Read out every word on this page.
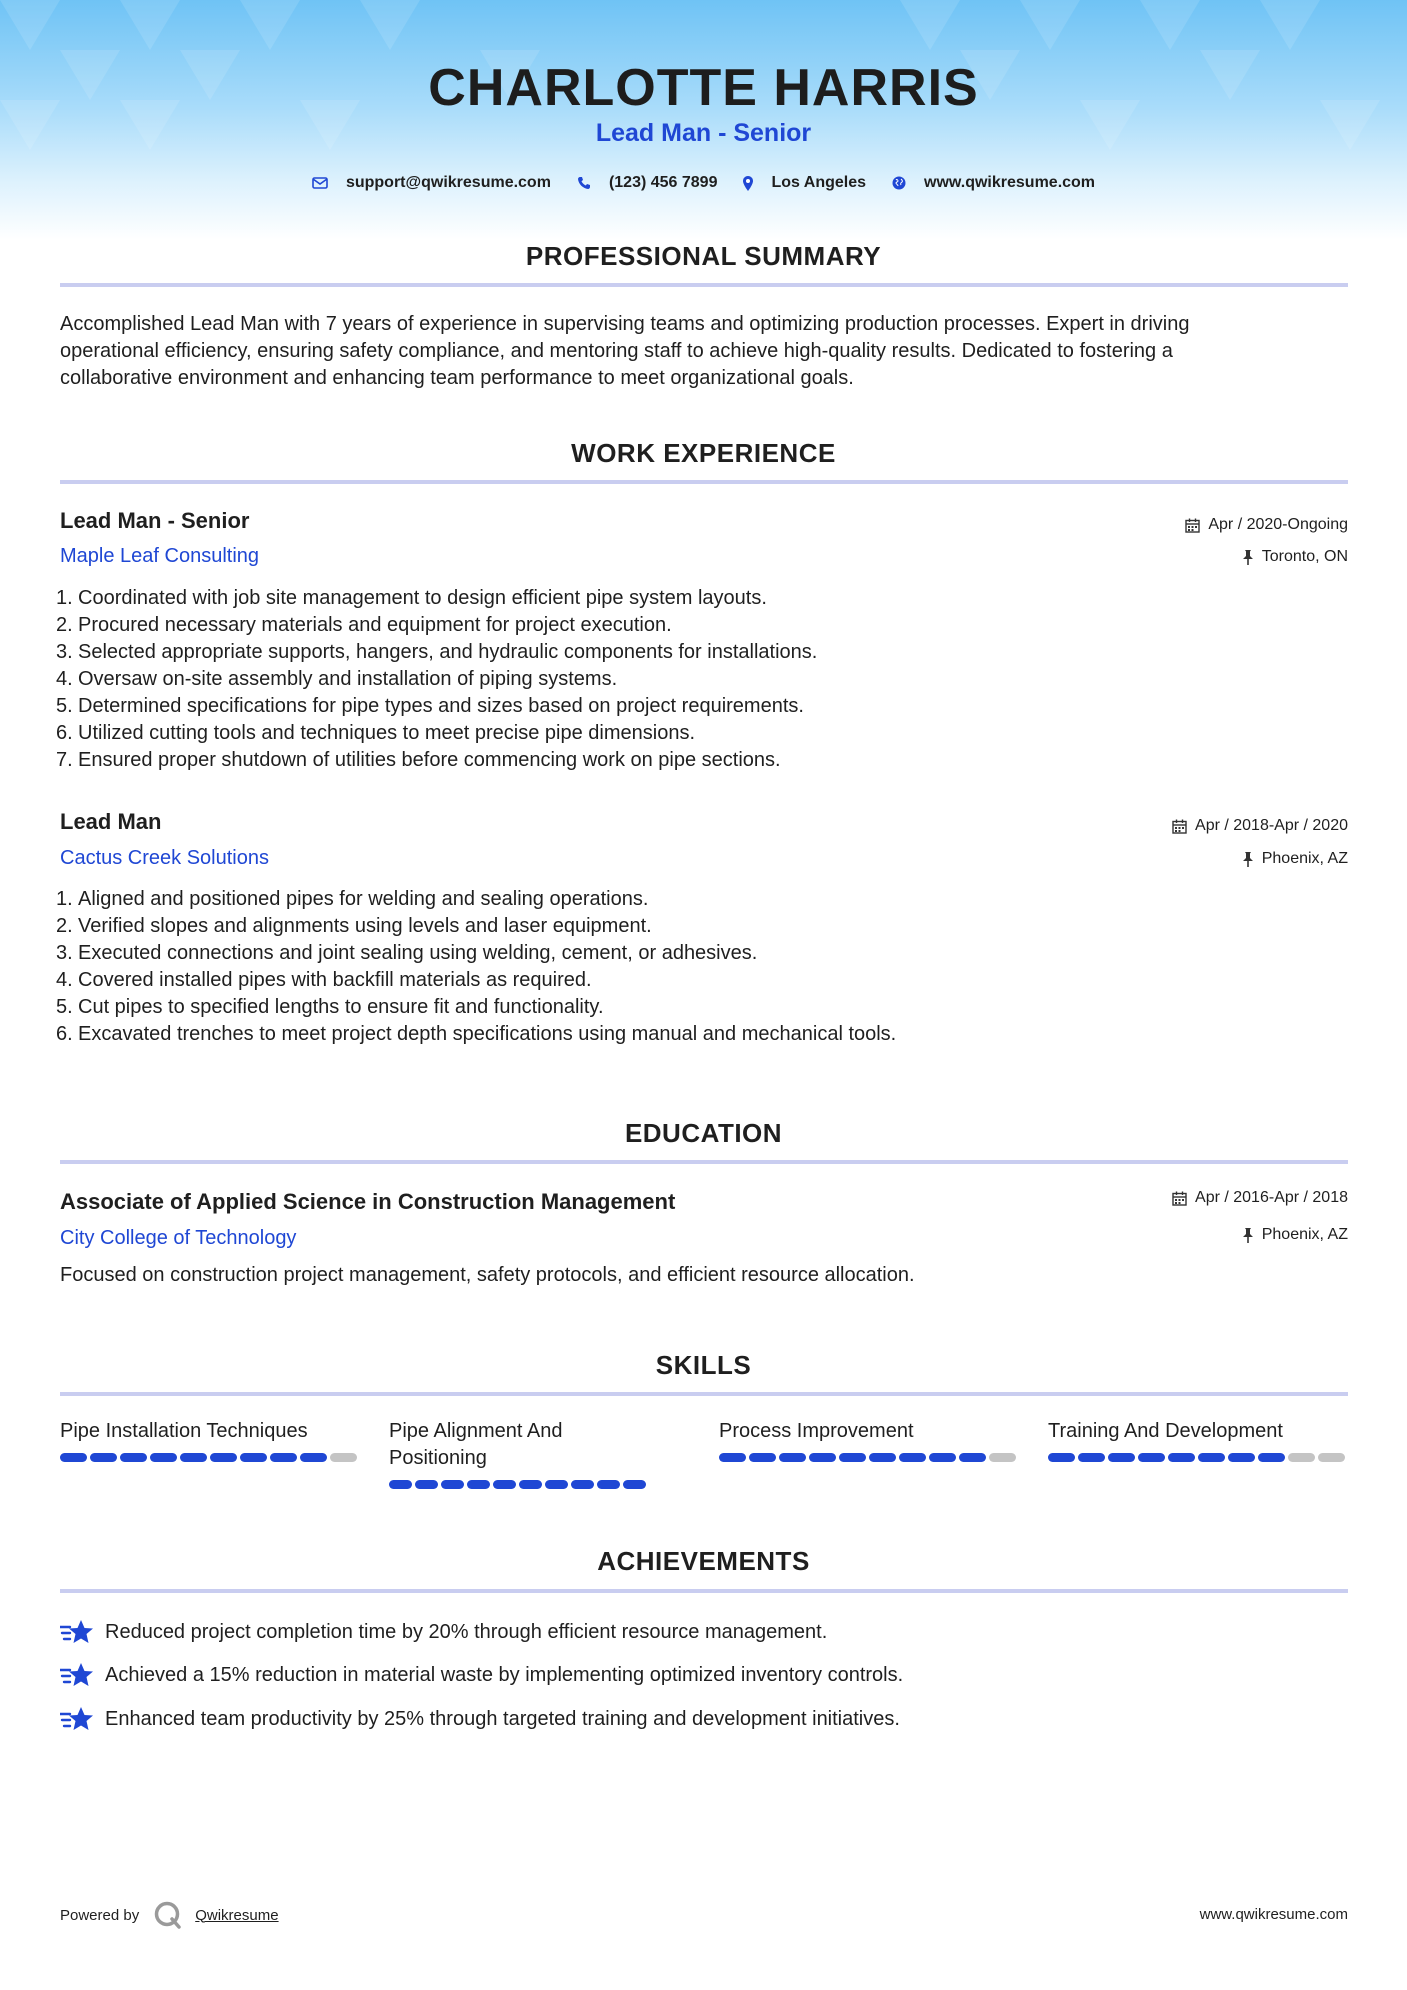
CHARLOTTE HARRIS
Lead Man - Senior
support@qwikresume.com	(123) 456 7899	Los Angeles	www.qwikresume.com
PROFESSIONAL SUMMARY
Accomplished Lead Man with 7 years of experience in supervising teams and optimizing production processes. Expert in driving
operational efficiency, ensuring safety compliance, and mentoring staff to achieve high-quality results. Dedicated to fostering a
collaborative environment and enhancing team performance to meet organizational goals.
WORK EXPERIENCE
Lead Man - Senior
Maple Leaf Consulting
Apr / 2020-Ongoing
Toronto, ON
1. Coordinated with job site management to design efficient pipe system layouts.
2. Procured necessary materials and equipment for project execution.
3. Selected appropriate supports, hangers, and hydraulic components for installations.
4. Oversaw on-site assembly and installation of piping systems.
5. Determined specifications for pipe types and sizes based on project requirements.
6. Utilized cutting tools and techniques to meet precise pipe dimensions.
7. Ensured proper shutdown of utilities before commencing work on pipe sections.
Lead Man
Cactus Creek Solutions
Apr / 2018-Apr / 2020
Phoenix, AZ
1. Aligned and positioned pipes for welding and sealing operations.
2. Verified slopes and alignments using levels and laser equipment.
3. Executed connections and joint sealing using welding, cement, or adhesives.
4. Covered installed pipes with backfill materials as required.
5. Cut pipes to specified lengths to ensure fit and functionality.
6. Excavated trenches to meet project depth specifications using manual and mechanical tools.
EDUCATION
Associate of Applied Science in Construction Management
City College of Technology
Apr / 2016-Apr / 2018
Phoenix, AZ
Focused on construction project management, safety protocols, and efficient resource allocation.
SKILLS
Pipe Installation Techniques	Pipe Alignment And Positioning
Process Improvement	Training And Development
ACHIEVEMENTS
Reduced project completion time by 20% through efficient resource management.
Achieved a 15% reduction in material waste by implementing optimized inventory controls.
Enhanced team productivity by 25% through targeted training and development initiatives.
Powered by	Qwikresume	www.qwikresume.com
